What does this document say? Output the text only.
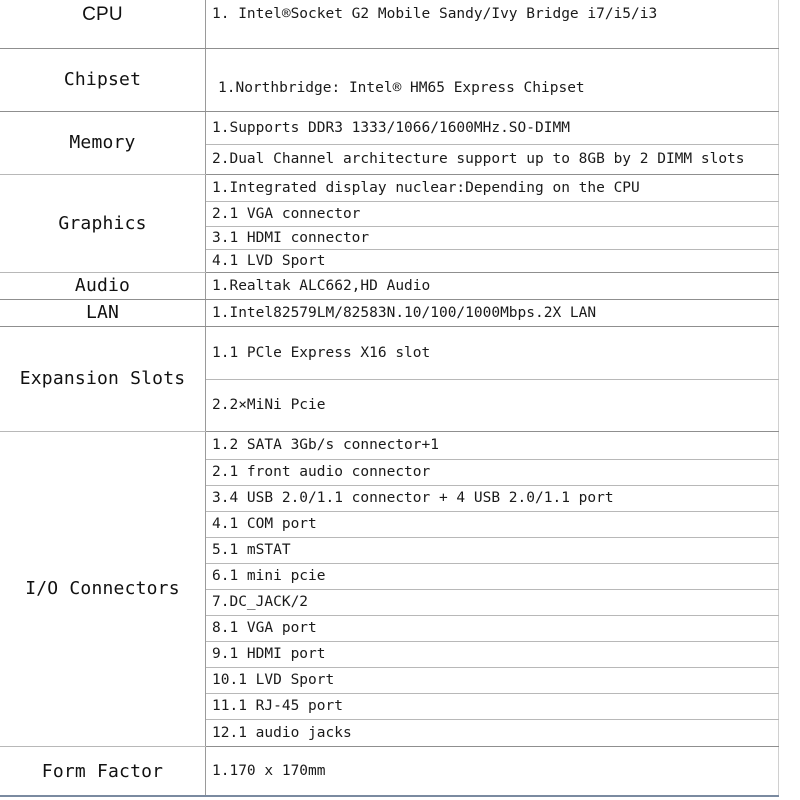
CPU	1. Intel®Socket G2 Mobile Sandy/Ivy Bridge i7/i5/i3
Chipset	1.Northbridge: Intel® HM65 Express Chipset
Memory	1.Supports DDR3 1333/1066/1600MHz.SO-DIMM
	2.Dual Channel architecture support up to 8GB by 2 DIMM slots
Graphics	1.Integrated display nuclear:Depending on the CPU
	2.1 VGA connector
	3.1 HDMI connector
	4.1 LVD Sport
Audio	1.Realtak ALC662,HD Audio
LAN	1.Intel82579LM/82583N.10/100/1000Mbps.2X LAN
Expansion Slots	1.1 PCle Express X16 slot
	2.2×MiNi Pcie
I/O Connectors	1.2 SATA 3Gb/s connector+1
	2.1 front audio connector
	3.4 USB 2.0/1.1 connector + 4 USB 2.0/1.1 port
	4.1 COM port
	5.1 mSTAT
	6.1 mini pcie
	7.DC_JACK/2
	8.1 VGA port
	9.1 HDMI port
	10.1 LVD Sport
	11.1 RJ-45 port
	12.1 audio jacks
Form Factor	1.170 x 170mm
